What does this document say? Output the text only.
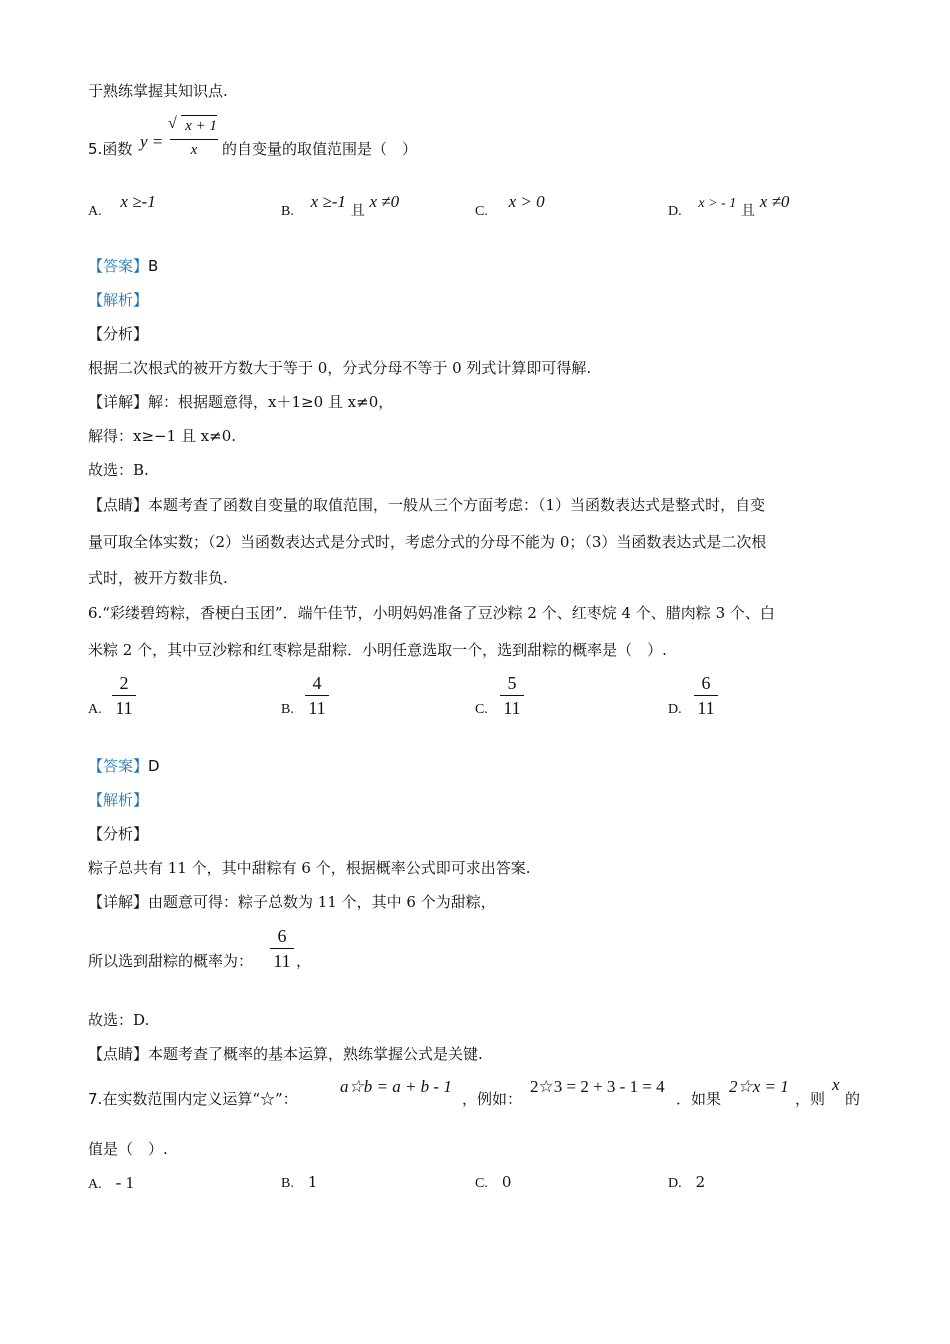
于熟练掌握其知识点.
5.函数 y =
√ x + 1
x	的自变量的取值范围是（　）
A. x ≥-1
B. x ≥-1 且 x ≠0
C. x > 0
D. x > - 1 且 x ≠0
【答案】B
【解析】
【分析】
根据二次根式的被开方数大于等于 0，分式分母不等于 0 列式计算即可得解.
【详解】解：根据题意得，x＋1≥0 且 x≠0，
解得：x≥−1 且 x≠0.
故选：B.
【点睛】本题考查了函数自变量的取值范围，一般从三个方面考虑：（1）当函数表达式是整式时，自变
量可取全体实数；（2）当函数表达式是分式时，考虑分式的分母不能为 0；（3）当函数表达式是二次根
式时，被开方数非负.
6.“彩缕碧筠粽，香梗白玉团”．端午佳节，小明妈妈准备了豆沙粽 2 个、红枣烷 4 个、腊肉粽 3 个、白
米粽 2 个，其中豆沙粽和红枣粽是甜粽．小明任意选取一个，选到甜粽的概率是（　）.
A.
2
11	B.
4
11	C.
5
11	D.
6
11
【答案】D
【解析】
【分析】
粽子总共有 11 个，其中甜粽有 6 个，根据概率公式即可求出答案.
【详解】由题意可得：粽子总数为 11 个，其中 6 个为甜粽，
所以选到甜粽的概率为：
6
11 ，
故选：D.
【点睛】本题考查了概率的基本运算，熟练掌握公式是关键.
7.在实数范围内定义运算“☆”：
a☆b = a + b - 1
，例如：
2☆3 = 2 + 3 - 1 = 4
．如果
2☆x = 1
，则
x
的
值是（　）.
A. - 1	B. 1	C. 0	D. 2
